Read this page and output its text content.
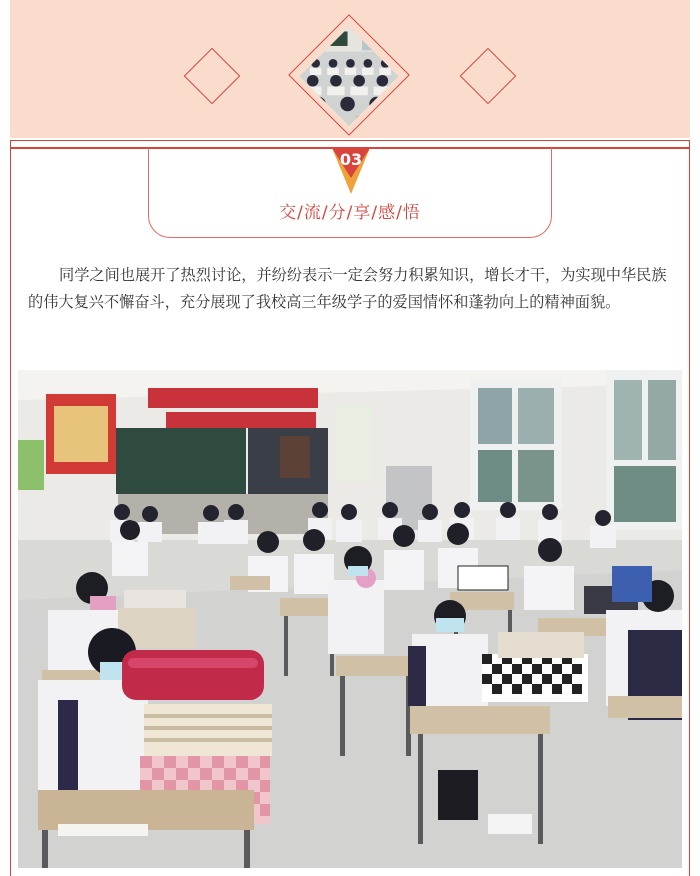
03
交/流/分/享/感/悟

同学之间也展开了热烈讨论，并纷纷表示一定会努力积累知识，增长才干，为实现中华民族的伟大复兴不懈奋斗，充分展现了我校高三年级学子的爱国情怀和蓬勃向上的精神面貌。
